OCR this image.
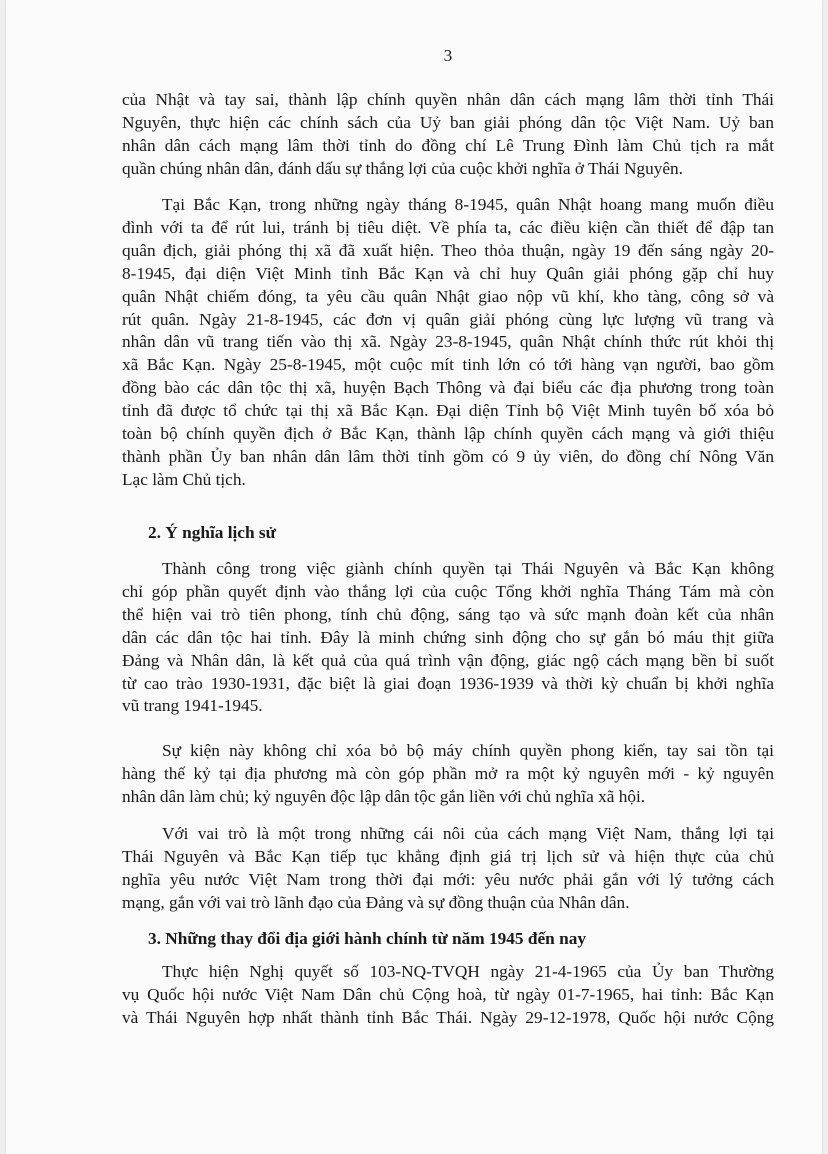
3
của Nhật và tay sai, thành lập chính quyền nhân dân cách mạng lâm thời tỉnh Thái
Nguyên, thực hiện các chính sách của Uỷ ban giải phóng dân tộc Việt Nam. Uỷ ban
nhân dân cách mạng lâm thời tỉnh do đồng chí Lê Trung Đình làm Chủ tịch ra mắt
quần chúng nhân dân, đánh dấu sự thắng lợi của cuộc khởi nghĩa ở Thái Nguyên.
Tại Bắc Kạn, trong những ngày tháng 8-1945, quân Nhật hoang mang muốn điều
đình với ta để rút lui, tránh bị tiêu diệt. Về phía ta, các điều kiện cần thiết để đập tan
quân địch, giải phóng thị xã đã xuất hiện. Theo thỏa thuận, ngày 19 đến sáng ngày 20-
8-1945, đại diện Việt Minh tỉnh Bắc Kạn và chỉ huy Quân giải phóng gặp chỉ huy
quân Nhật chiếm đóng, ta yêu cầu quân Nhật giao nộp vũ khí, kho tàng, công sở và
rút quân. Ngày 21-8-1945, các đơn vị quân giải phóng cùng lực lượng vũ trang và
nhân dân vũ trang tiến vào thị xã. Ngày 23-8-1945, quân Nhật chính thức rút khỏi thị
xã Bắc Kạn. Ngày 25-8-1945, một cuộc mít tinh lớn có tới hàng vạn người, bao gồm
đồng bào các dân tộc thị xã, huyện Bạch Thông và đại biểu các địa phương trong toàn
tỉnh đã được tổ chức tại thị xã Bắc Kạn. Đại diện Tỉnh bộ Việt Minh tuyên bố xóa bỏ
toàn bộ chính quyền địch ở Bắc Kạn, thành lập chính quyền cách mạng và giới thiệu
thành phần Ủy ban nhân dân lâm thời tỉnh gồm có 9 ủy viên, do đồng chí Nông Văn
Lạc làm Chủ tịch.
2. Ý nghĩa lịch sử
Thành công trong việc giành chính quyền tại Thái Nguyên và Bắc Kạn không
chỉ góp phần quyết định vào thắng lợi của cuộc Tổng khởi nghĩa Tháng Tám mà còn
thể hiện vai trò tiên phong, tính chủ động, sáng tạo và sức mạnh đoàn kết của nhân
dân các dân tộc hai tỉnh. Đây là minh chứng sinh động cho sự gắn bó máu thịt giữa
Đảng và Nhân dân, là kết quả của quá trình vận động, giác ngộ cách mạng bền bỉ suốt
từ cao trào 1930-1931, đặc biệt là giai đoạn 1936-1939 và thời kỳ chuẩn bị khởi nghĩa
vũ trang 1941-1945.
Sự kiện này không chỉ xóa bỏ bộ máy chính quyền phong kiến, tay sai tồn tại
hàng thế kỷ tại địa phương mà còn góp phần mở ra một kỷ nguyên mới - kỷ nguyên
nhân dân làm chủ; kỷ nguyên độc lập dân tộc gắn liền với chủ nghĩa xã hội.
Với vai trò là một trong những cái nôi của cách mạng Việt Nam, thắng lợi tại
Thái Nguyên và Bắc Kạn tiếp tục khẳng định giá trị lịch sử và hiện thực của chủ
nghĩa yêu nước Việt Nam trong thời đại mới: yêu nước phải gắn với lý tưởng cách
mạng, gắn với vai trò lãnh đạo của Đảng và sự đồng thuận của Nhân dân.
3. Những thay đổi địa giới hành chính từ năm 1945 đến nay
Thực hiện Nghị quyết số 103-NQ-TVQH ngày 21-4-1965 của Ủy ban Thường
vụ Quốc hội nước Việt Nam Dân chủ Cộng hoà, từ ngày 01-7-1965, hai tỉnh: Bắc Kạn
và Thái Nguyên hợp nhất thành tỉnh Bắc Thái. Ngày 29-12-1978, Quốc hội nước Cộng
